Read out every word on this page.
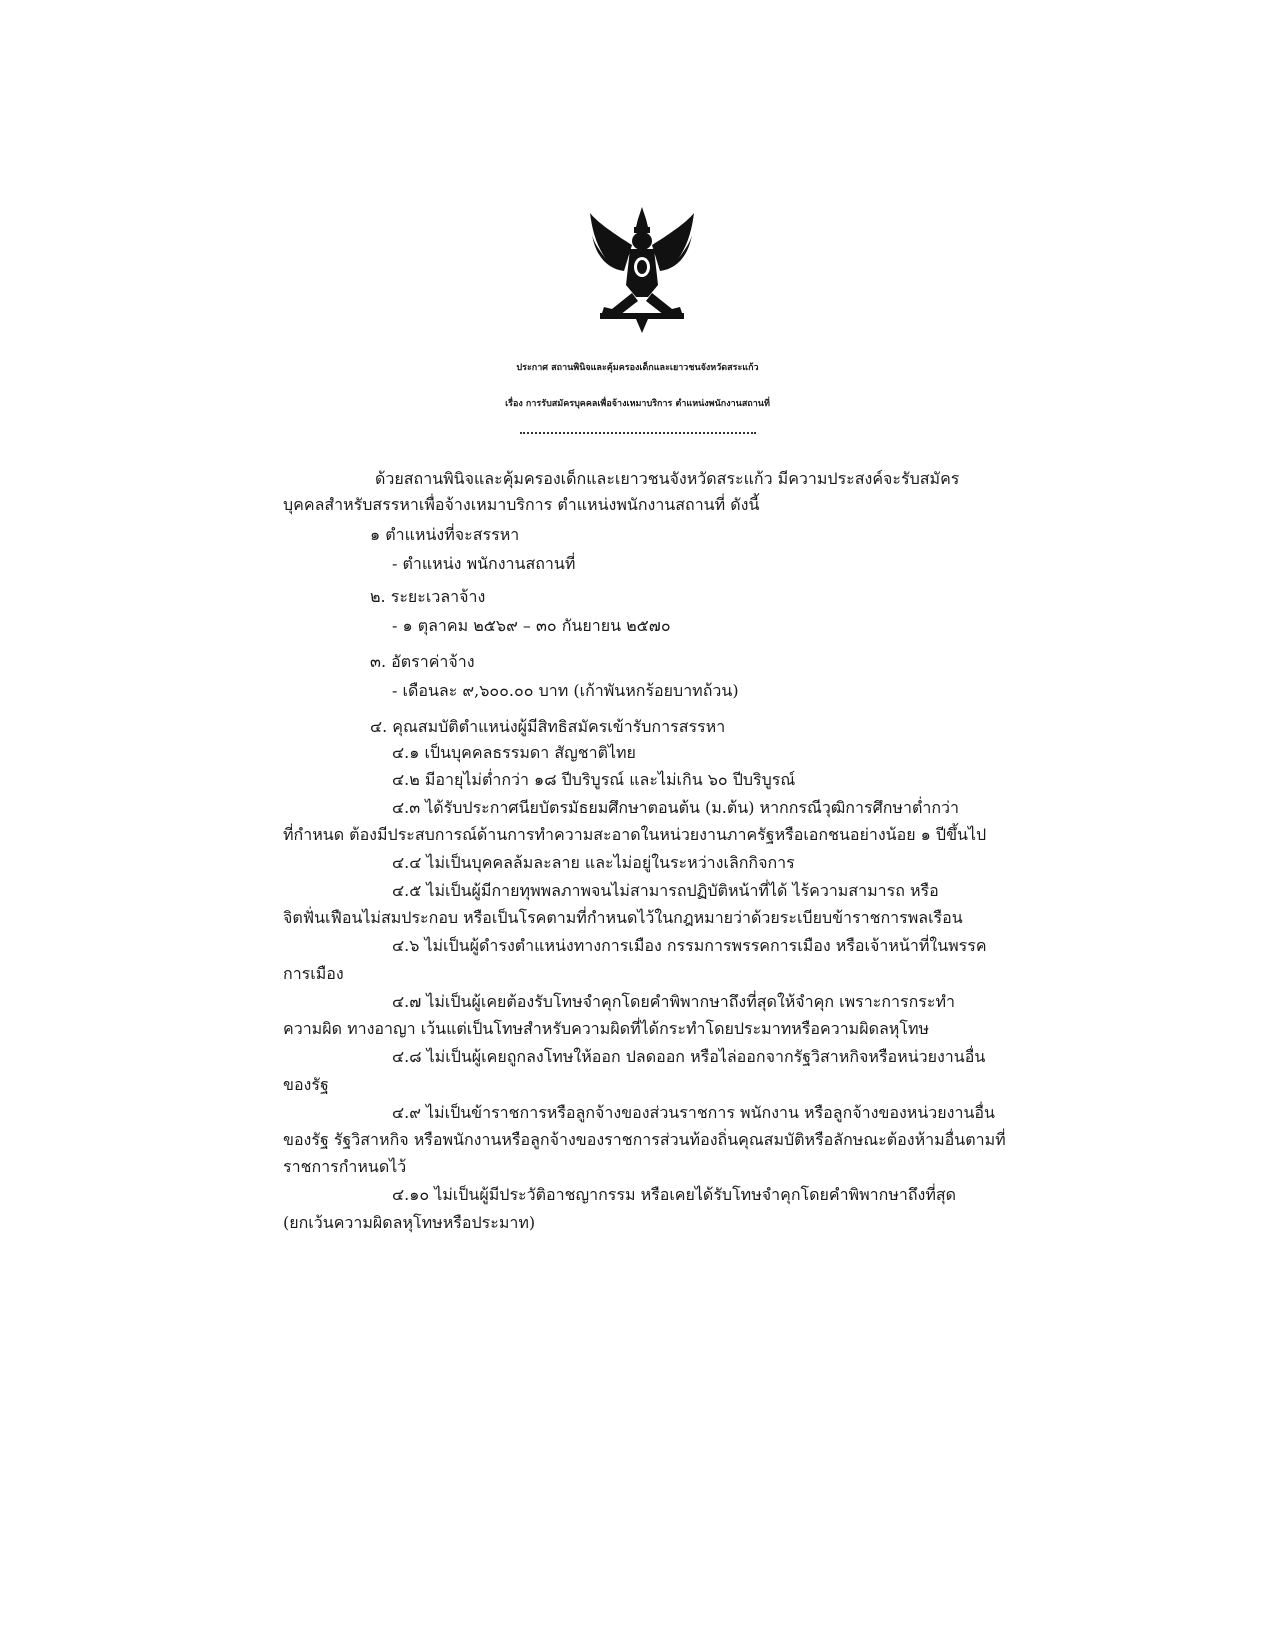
ประกาศ สถานพินิจและคุ้มครองเด็กและเยาวชนจังหวัดสระแก้ว
เรื่อง การรับสมัครบุคคลเพื่อจ้างเหมาบริการ ตำแหน่งพนักงานสถานที่
ด้วยสถานพินิจและคุ้มครองเด็กและเยาวชนจังหวัดสระแก้ว มีความประสงค์จะรับสมัคร
บุคคลสำหรับสรรหาเพื่อจ้างเหมาบริการ ตำแหน่งพนักงานสถานที่ ดังนี้
๑ ตำแหน่งที่จะสรรหา
- ตำแหน่ง พนักงานสถานที่
๒. ระยะเวลาจ้าง
- ๑ ตุลาคม ๒๕๖๙ – ๓๐ กันยายน ๒๕๗๐
๓. อัตราค่าจ้าง
- เดือนละ ๙,๖๐๐.๐๐ บาท (เก้าพันหกร้อยบาทถ้วน)
๔. คุณสมบัติตำแหน่งผู้มีสิทธิสมัครเข้ารับการสรรหา
๔.๑ เป็นบุคคลธรรมดา สัญชาติไทย
๔.๒ มีอายุไม่ต่ำกว่า ๑๘ ปีบริบูรณ์ และไม่เกิน ๖๐ ปีบริบูรณ์
๔.๓ ได้รับประกาศนียบัตรมัธยมศึกษาตอนต้น (ม.ต้น) หากกรณีวุฒิการศึกษาต่ำกว่า
ที่กำหนด ต้องมีประสบการณ์ด้านการทำความสะอาดในหน่วยงานภาครัฐหรือเอกชนอย่างน้อย ๑ ปีขึ้นไป
๔.๔ ไม่เป็นบุคคลล้มละลาย และไม่อยู่ในระหว่างเลิกกิจการ
๔.๕ ไม่เป็นผู้มีกายทุพพลภาพจนไม่สามารถปฏิบัติหน้าที่ได้ ไร้ความสามารถ หรือ
จิตฟั่นเฟือนไม่สมประกอบ หรือเป็นโรคตามที่กำหนดไว้ในกฎหมายว่าด้วยระเบียบข้าราชการพลเรือน
๔.๖ ไม่เป็นผู้ดำรงตำแหน่งทางการเมือง กรรมการพรรคการเมือง หรือเจ้าหน้าที่ในพรรค
การเมือง
๔.๗ ไม่เป็นผู้เคยต้องรับโทษจำคุกโดยคำพิพากษาถึงที่สุดให้จำคุก เพราะการกระทำ
ความผิด ทางอาญา เว้นแต่เป็นโทษสำหรับความผิดที่ได้กระทำโดยประมาทหรือความผิดลหุโทษ
๔.๘ ไม่เป็นผู้เคยถูกลงโทษให้ออก ปลดออก หรือไล่ออกจากรัฐวิสาหกิจหรือหน่วยงานอื่น
ของรัฐ
๔.๙ ไม่เป็นข้าราชการหรือลูกจ้างของส่วนราชการ พนักงาน หรือลูกจ้างของหน่วยงานอื่น
ของรัฐ รัฐวิสาหกิจ หรือพนักงานหรือลูกจ้างของราชการส่วนท้องถิ่นคุณสมบัติหรือลักษณะต้องห้ามอื่นตามที่
ราชการกำหนดไว้
๔.๑๐ ไม่เป็นผู้มีประวัติอาชญากรรม หรือเคยได้รับโทษจำคุกโดยคำพิพากษาถึงที่สุด
(ยกเว้นความผิดลหุโทษหรือประมาท)
